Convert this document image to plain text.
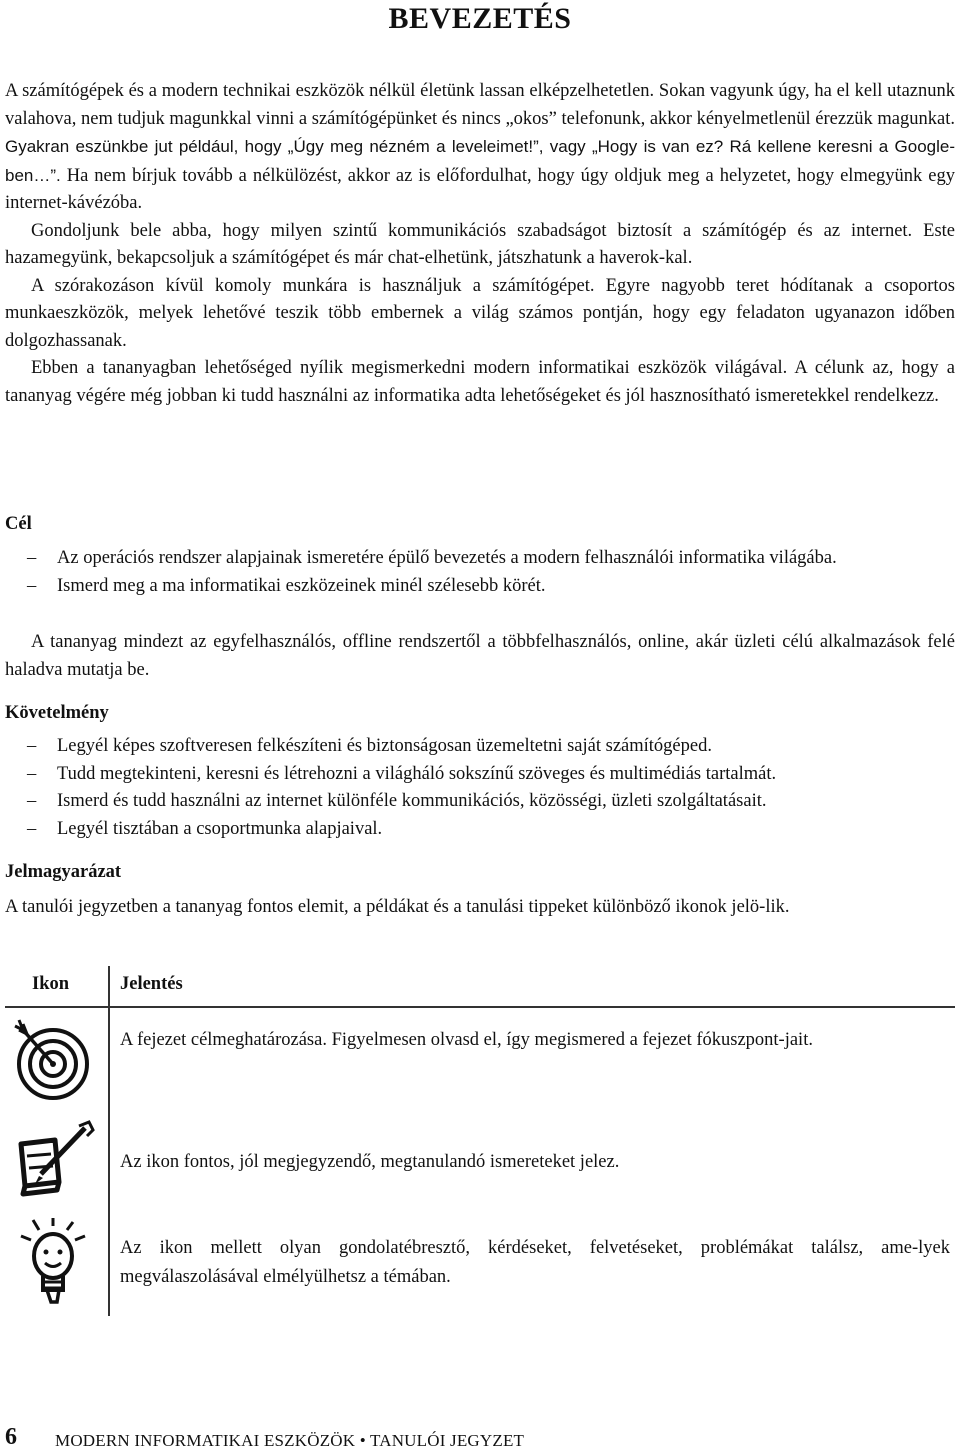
BEVEZETÉS

A számítógépek és a modern technikai eszközök nélkül életünk lassan elképzelhetetlen. Sokan vagyunk úgy, ha el kell utaznunk valahova, nem tudjuk magunkkal vinni a számítógépünket és nincs „okos” telefonunk, akkor kényelmetlenül érezzük magunkat. Gyakran eszünkbe jut például, hogy „Úgy meg nézném a leveleimet!”, vagy „Hogy is van ez? Rá kellene keresni a Google-ben…”. Ha nem bírjuk tovább a nélkülözést, akkor az is előfordulhat, hogy úgy oldjuk meg a helyzetet, hogy elmegyünk egy internet-kávézóba.

Gondoljunk bele abba, hogy milyen szintű kommunikációs szabadságot biztosít a számítógép és az internet. Este hazamegyünk, bekapcsoljuk a számítógépet és már chat-elhetünk, játszhatunk a haverok-kal.

A szórakozáson kívül komoly munkára is használjuk a számítógépet. Egyre nagyobb teret hódítanak a csoportos munkaeszközök, melyek lehetővé teszik több embernek a világ számos pontján, hogy egy feladaton ugyanazon időben dolgozhassanak.

Ebben a tananyagban lehetőséged nyílik megismerkedni modern informatikai eszközök világával. A célunk az, hogy a tananyag végére még jobban ki tudd használni az informatika adta lehetőségeket és jól hasznosítható ismeretekkel rendelkezz.

Cél
– Az operációs rendszer alapjainak ismeretére épülő bevezetés a modern felhasználói informatika világába.
– Ismerd meg a ma informatikai eszközeinek minél szélesebb körét.

A tananyag mindezt az egyfelhasználós, offline rendszertől a többfelhasználós, online, akár üzleti célú alkalmazások felé haladva mutatja be.

Követelmény
– Legyél képes szoftveresen felkészíteni és biztonságosan üzemeltetni saját számítógéped.
– Tudd megtekinteni, keresni és létrehozni a világháló sokszínű szöveges és multimédiás tartalmát.
– Ismerd és tudd használni az internet különféle kommunikációs, közösségi, üzleti szolgáltatásait.
– Legyél tisztában a csoportmunka alapjaival.
Jelmagyarázat

A tanulói jegyzetben a tananyag fontos elemit, a példákat és a tanulási tippeket különböző ikonok jelö-lik.

Ikon	Jelentés
A fejezet célmeghatározása. Figyelmesen olvasd el, így megismered a fejezet fókuszpont-jait.
Az ikon fontos, jól megjegyzendő, megtanulandó ismereteket jelez.
Az ikon mellett olyan gondolatébresztő, kérdéseket, felvetéseket, problémákat találsz, ame-lyek megválaszolásával elmélyülhetsz a témában.
6 MODERN INFORMATIKAI ESZKÖZÖK • TANULÓI JEGYZET
